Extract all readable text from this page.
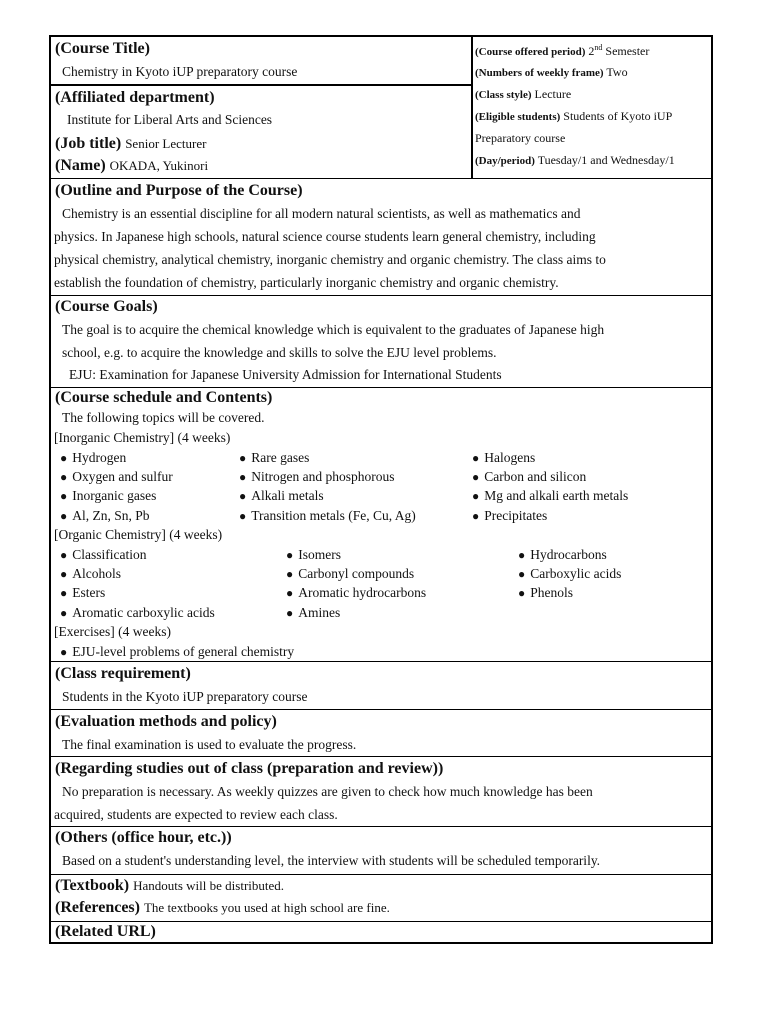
(Course Title)
Chemistry in Kyoto iUP preparatory course
(Affiliated department)
Institute for Liberal Arts and Sciences
(Job title) Senior Lecturer
(Name) OKADA, Yukinori
(Course offered period) 2nd Semester
(Numbers of weekly frame) Two
(Class style) Lecture
(Eligible students) Students of Kyoto iUP
Preparatory course
(Day/period) Tuesday/1 and Wednesday/1
(Outline and Purpose of the Course)
Chemistry is an essential discipline for all modern natural scientists, as well as mathematics and
physics. In Japanese high schools, natural science course students learn general chemistry, including
physical chemistry, analytical chemistry, inorganic chemistry and organic chemistry. The class aims to
establish the foundation of chemistry, particularly inorganic chemistry and organic chemistry.
(Course Goals)
The goal is to acquire the chemical knowledge which is equivalent to the graduates of Japanese high
school, e.g. to acquire the knowledge and skills to solve the EJU level problems.
EJU: Examination for Japanese University Admission for International Students
(Course schedule and Contents)
The following topics will be covered.
[Inorganic Chemistry] (4 weeks)
● Hydrogen	● Rare gases	● Halogens
● Oxygen and sulfur	● Nitrogen and phosphorous	● Carbon and silicon
● Inorganic gases	● Alkali metals	● Mg and alkali earth metals
● Al, Zn, Sn, Pb	● Transition metals (Fe, Cu, Ag)	● Precipitates
[Organic Chemistry] (4 weeks)
● Classification	● Isomers	● Hydrocarbons
● Alcohols	● Carbonyl compounds	● Carboxylic acids
● Esters	● Aromatic hydrocarbons	● Phenols
● Aromatic carboxylic acids	● Amines
[Exercises] (4 weeks)
● EJU-level problems of general chemistry
(Class requirement)
Students in the Kyoto iUP preparatory course
(Evaluation methods and policy)
The final examination is used to evaluate the progress.
(Regarding studies out of class (preparation and review))
No preparation is necessary. As weekly quizzes are given to check how much knowledge has been
acquired, students are expected to review each class.
(Others (office hour, etc.))
Based on a student's understanding level, the interview with students will be scheduled temporarily.
(Textbook) Handouts will be distributed.
(References) The textbooks you used at high school are fine.
(Related URL)
